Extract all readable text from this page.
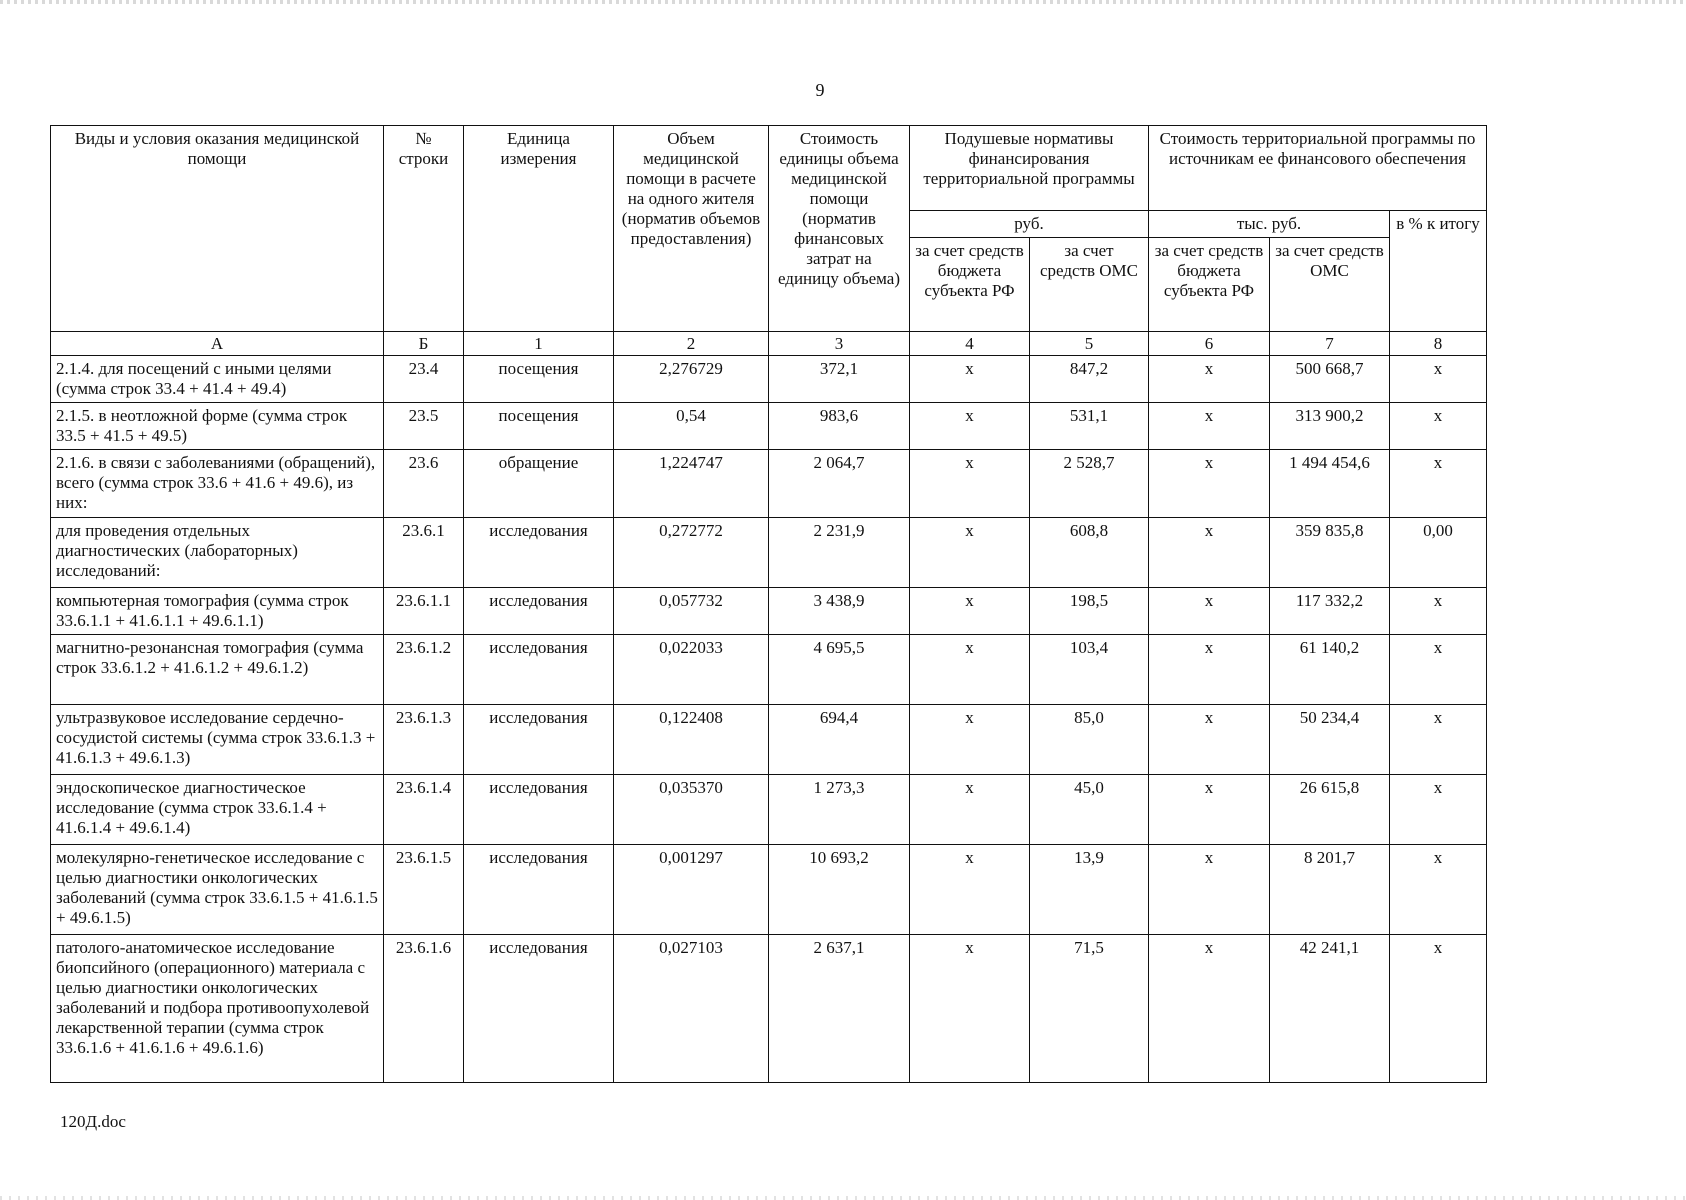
9
Виды и условия оказания медицинской помощи	№ строки	Единица измерения	Объем медицинской помощи в расчете на одного жителя (норматив объемов предоставления)	Стоимость единицы объема медицинской помощи (норматив финансовых затрат на единицу объема)	Подушевые нормативы финансирования территориальной программы		Стоимость территориальной программы по источникам ее финансового обеспечения		
					руб.		тыс. руб.		в % к итогу
					за счет средств бюджета субъекта РФ	за счет средств ОМС	за счет средств бюджета субъекта РФ	за счет средств ОМС	
А	Б	1	2	3	4	5	6	7	8
2.1.4. для посещений с иными целями (сумма строк 33.4 + 41.4 + 49.4)	23.4	посещения	2,276729	372,1	x	847,2	x	500 668,7	x
2.1.5. в неотложной форме (сумма строк 33.5 + 41.5 + 49.5)	23.5	посещения	0,54	983,6	x	531,1	x	313 900,2	x
2.1.6. в связи с заболеваниями (обращений), всего (сумма строк 33.6 + 41.6 + 49.6), из них:	23.6	обращение	1,224747	2 064,7	x	2 528,7	x	1 494 454,6	x
для проведения отдельных диагностических (лабораторных) исследований:	23.6.1	исследования	0,272772	2 231,9	x	608,8	x	359 835,8	0,00
компьютерная томография (сумма строк 33.6.1.1 + 41.6.1.1 + 49.6.1.1)	23.6.1.1	исследования	0,057732	3 438,9	x	198,5	x	117 332,2	x
магнитно-резонансная томография (сумма строк 33.6.1.2 + 41.6.1.2 + 49.6.1.2)	23.6.1.2	исследования	0,022033	4 695,5	x	103,4	x	61 140,2	x
ультразвуковое исследование сердечно-сосудистой системы (сумма строк 33.6.1.3 + 41.6.1.3 + 49.6.1.3)	23.6.1.3	исследования	0,122408	694,4	x	85,0	x	50 234,4	x
эндоскопическое диагностическое исследование (сумма строк 33.6.1.4 + 41.6.1.4 + 49.6.1.4)	23.6.1.4	исследования	0,035370	1 273,3	x	45,0	x	26 615,8	x
молекулярно-генетическое исследование с целью диагностики онкологических заболеваний (сумма строк 33.6.1.5 + 41.6.1.5 + 49.6.1.5)	23.6.1.5	исследования	0,001297	10 693,2	x	13,9	x	8 201,7	x
патолого-анатомическое исследование биопсийного (операционного) материала с целью диагностики онкологических заболеваний и подбора противоопухолевой лекарственной терапии (сумма строк 33.6.1.6 + 41.6.1.6 + 49.6.1.6)	23.6.1.6	исследования	0,027103	2 637,1	x	71,5	x	42 241,1	x
120Д.doc
